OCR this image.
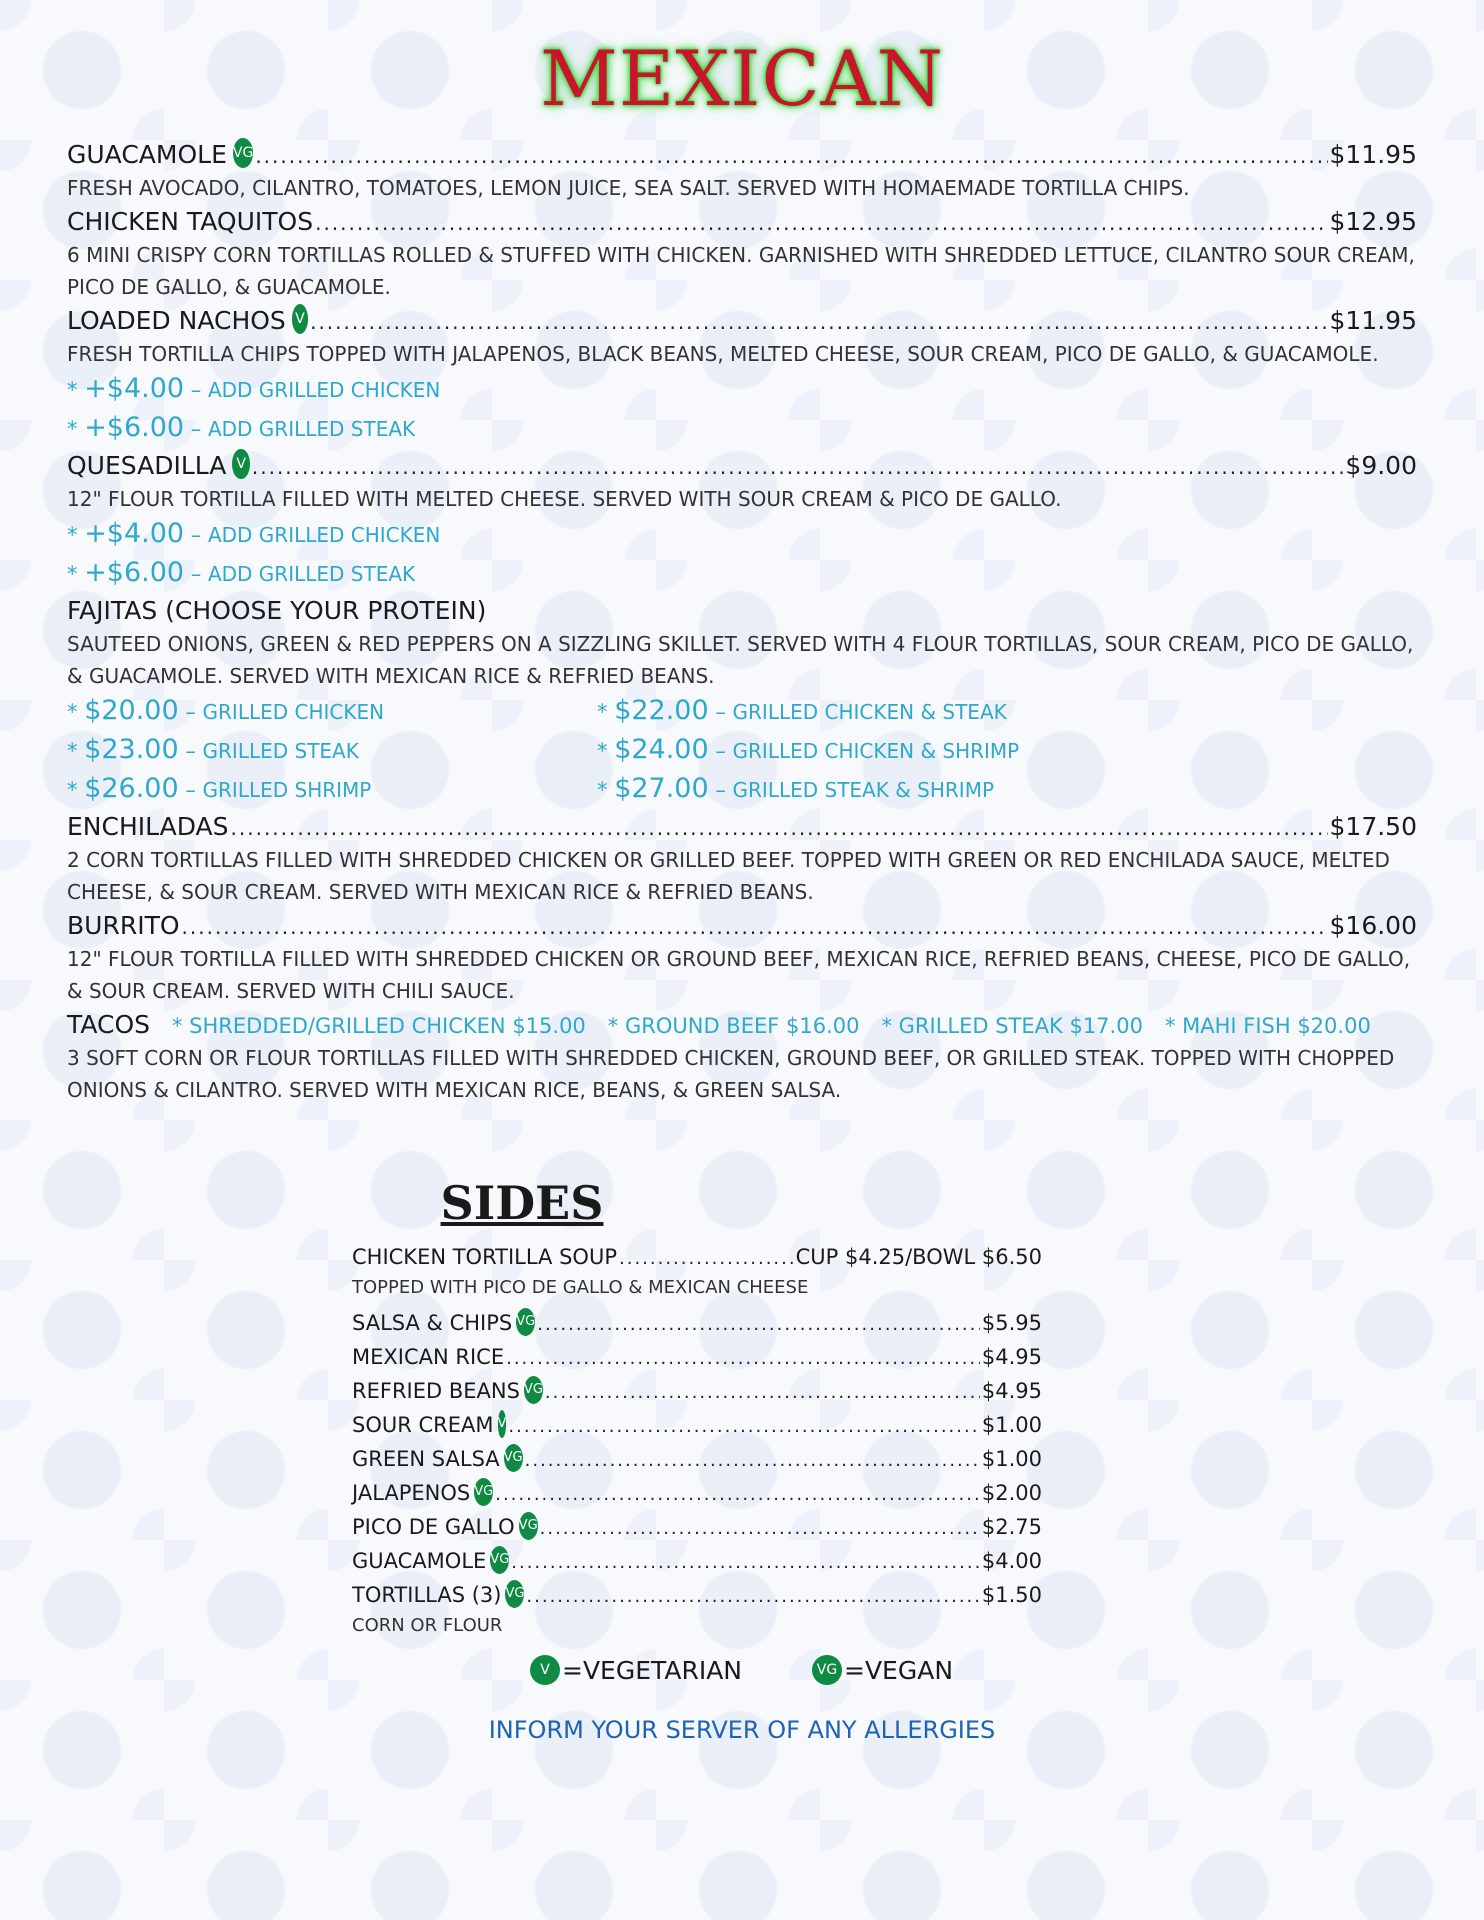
MEXICAN
GUACAMOLE VG .....	$11.95
FRESH AVOCADO, CILANTRO, TOMATOES, LEMON JUICE, SEA SALT. SERVED WITH HOMAEMADE TORTILLA CHIPS.
CHICKEN TAQUITOS .....	$12.95
6 MINI CRISPY CORN TORTILLAS ROLLED & STUFFED WITH CHICKEN. GARNISHED WITH SHREDDED LETTUCE, CILANTRO SOUR CREAM, PICO DE GALLO, & GUACAMOLE.
LOADED NACHOS V .....	$11.95
FRESH TORTILLA CHIPS TOPPED WITH JALAPENOS, BLACK BEANS, MELTED CHEESE, SOUR CREAM, PICO DE GALLO, & GUACAMOLE.
* +$4.00 – ADD GRILLED CHICKEN
* +$6.00 – ADD GRILLED STEAK
QUESADILLA V .....	$9.00
12" FLOUR TORTILLA FILLED WITH MELTED CHEESE. SERVED WITH SOUR CREAM & PICO DE GALLO.
* +$4.00 – ADD GRILLED CHICKEN
* +$6.00 – ADD GRILLED STEAK
FAJITAS (CHOOSE YOUR PROTEIN)
SAUTEED ONIONS, GREEN & RED PEPPERS ON A SIZZLING SKILLET. SERVED WITH 4 FLOUR TORTILLAS, SOUR CREAM, PICO DE GALLO, & GUACAMOLE. SERVED WITH MEXICAN RICE & REFRIED BEANS.
* $20.00 – GRILLED CHICKEN	* $22.00 – GRILLED CHICKEN & STEAK
* $23.00 – GRILLED STEAK	* $24.00 – GRILLED CHICKEN & SHRIMP
* $26.00 – GRILLED SHRIMP	* $27.00 – GRILLED STEAK & SHRIMP
ENCHILADAS .....	$17.50
2 CORN TORTILLAS FILLED WITH SHREDDED CHICKEN OR GRILLED BEEF. TOPPED WITH GREEN OR RED ENCHILADA SAUCE, MELTED CHEESE, & SOUR CREAM. SERVED WITH MEXICAN RICE & REFRIED BEANS.
BURRITO .....	$16.00
12" FLOUR TORTILLA FILLED WITH SHREDDED CHICKEN OR GROUND BEEF, MEXICAN RICE, REFRIED BEANS, CHEESE, PICO DE GALLO, & SOUR CREAM. SERVED WITH CHILI SAUCE.
TACOS * SHREDDED/GRILLED CHICKEN $15.00 * GROUND BEEF $16.00 * GRILLED STEAK $17.00 * MAHI FISH $20.00
3 SOFT CORN OR FLOUR TORTILLAS FILLED WITH SHREDDED CHICKEN, GROUND BEEF, OR GRILLED STEAK. TOPPED WITH CHOPPED ONIONS & CILANTRO. SERVED WITH MEXICAN RICE, BEANS, & GREEN SALSA.
SIDES
CHICKEN TORTILLA SOUP .....	CUP $4.25/BOWL $6.50
TOPPED WITH PICO DE GALLO & MEXICAN CHEESE
SALSA & CHIPS VG .....	$5.95
MEXICAN RICE .....	$4.95
REFRIED BEANS VG .....	$4.95
SOUR CREAM V .....	$1.00
GREEN SALSA VG .....	$1.00
JALAPENOS VG .....	$2.00
PICO DE GALLO VG .....	$2.75
GUACAMOLE VG .....	$4.00
TORTILLAS (3) VG .....	$1.50
CORN OR FLOUR
V =VEGETARIAN	VG =VEGAN
INFORM YOUR SERVER OF ANY ALLERGIES
